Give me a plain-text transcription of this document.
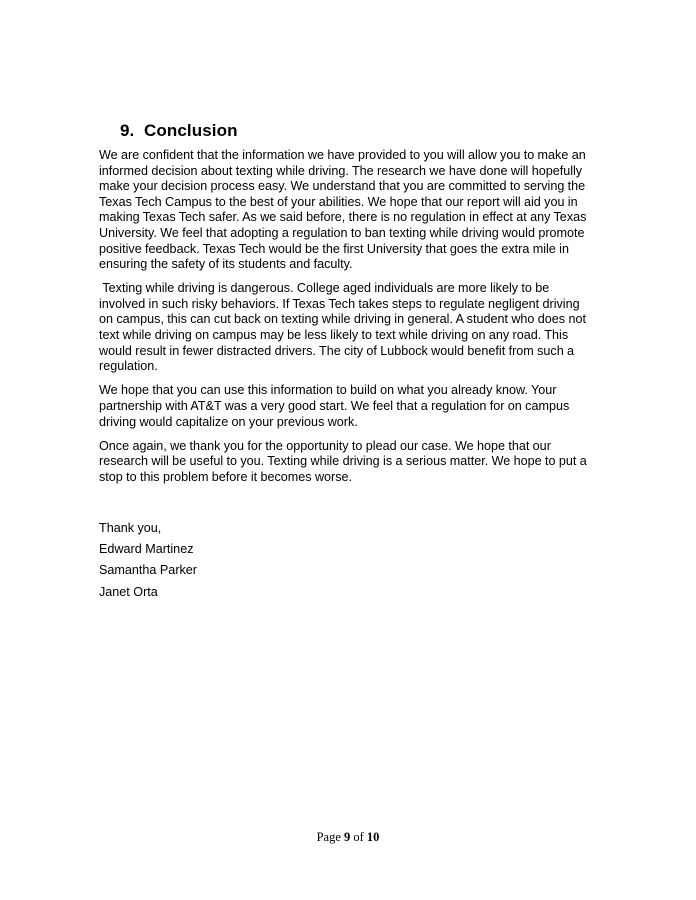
9.  Conclusion

We are confident that the information we have provided to you will allow you to make an informed decision about texting while driving. The research we have done will hopefully make your decision process easy. We understand that you are committed to serving the Texas Tech Campus to the best of your abilities. We hope that our report will aid you in making Texas Tech safer. As we said before, there is no regulation in effect at any Texas University. We feel that adopting a regulation to ban texting while driving would promote positive feedback. Texas Tech would be the first University that goes the extra mile in ensuring the safety of its students and faculty.

Texting while driving is dangerous. College aged individuals are more likely to be involved in such risky behaviors. If Texas Tech takes steps to regulate negligent driving on campus, this can cut back on texting while driving in general. A student who does not text while driving on campus may be less likely to text while driving on any road. This would result in fewer distracted drivers. The city of Lubbock would benefit from such a regulation.

We hope that you can use this information to build on what you already know. Your partnership with AT&T was a very good start. We feel that a regulation for on campus driving would capitalize on your previous work.

Once again, we thank you for the opportunity to plead our case. We hope that our research will be useful to you. Texting while driving is a serious matter. We hope to put a stop to this problem before it becomes worse.

Thank you,
Edward Martinez
Samantha Parker
Janet Orta
Page 9 of 10
